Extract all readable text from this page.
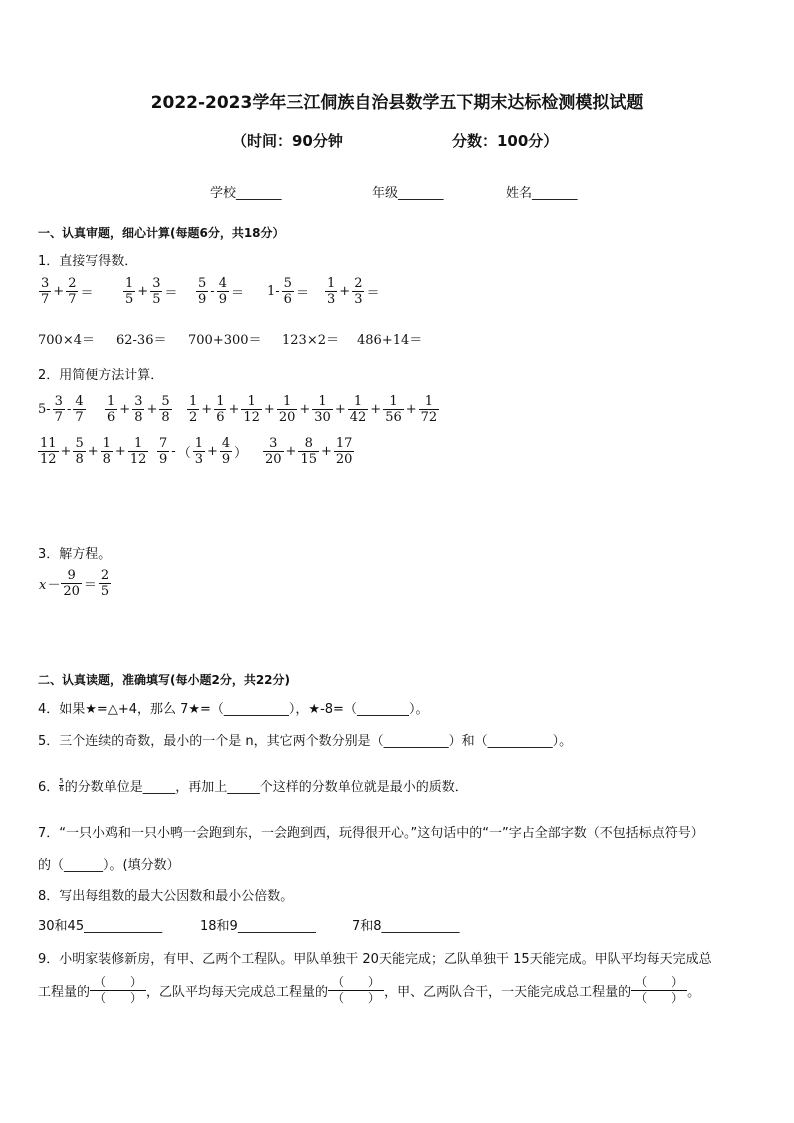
2022-2023学年三江侗族自治县数学五下期末达标检测模拟试题
（时间：90分钟	分数：100分）
学校_______	年级_______	姓名_______
一、认真审题，细心计算(每题6分，共18分）
1．直接写得数．
$\frac{3}{7} + \frac{2}{7} = \frac{1}{5} + \frac{3}{5} = \frac{5}{9} - \frac{4}{9} = 1- \frac{5}{6} = \frac{1}{3} + \frac{2}{3}$ ＝
700×4＝ 62-36＝ 700+300＝ 123×2＝ 486+14＝
2．用简便方法计算．
$5- \frac{3}{7} - \frac{4}{7} \frac{1}{6} + \frac{3}{8} + \frac{5}{8} \frac{1}{2} + \frac{1}{6} + \frac{1}{12} + \frac{1}{20} + \frac{1}{30} + \frac{1}{42} + \frac{1}{56} + \frac{1}{72}$
$\frac{11}{12} + \frac{5}{8} + \frac{1}{8} + \frac{1}{12} \frac{7}{9}$ - （ $\frac{1}{3} + \frac{4}{9}$ ） $\frac{3}{20} + \frac{8}{15} + \frac{17}{20}$
3．解方程。
$x- \frac{9}{20} = \frac{2}{5}$
二、认真读题，准确填写(每小题2分，共22分)
4．如果★=△+4，那么 7★=（__________），★-8=（________）。
5．三个连续的奇数，最小的一个是 n，其它两个数分别是（__________）和（__________）。
6． 5
6 的分数单位是_____，再加上_____个这样的分数单位就是最小的质数．
7．“一只小鸡和一只小鸭一会跑到东，一会跑到西，玩得很开心。”这句话中的“一”字占全部字数（不包括标点符号）
的（______）。(填分数）
8．写出每组数的最大公因数和最小公倍数。
30和45____________	18和9____________	7和8____________
9．小明家装修新房，有甲、乙两个工程队。甲队单独干 20天能完成；乙队单独干 15天能完成。甲队平均每天完成总
工程量的
（　　）
（　　） ，乙队平均每天完成总工程量的
（　　）
（　　） ，甲、乙两队合干，一天能完成总工程量的
（　　）
（　　） 。
